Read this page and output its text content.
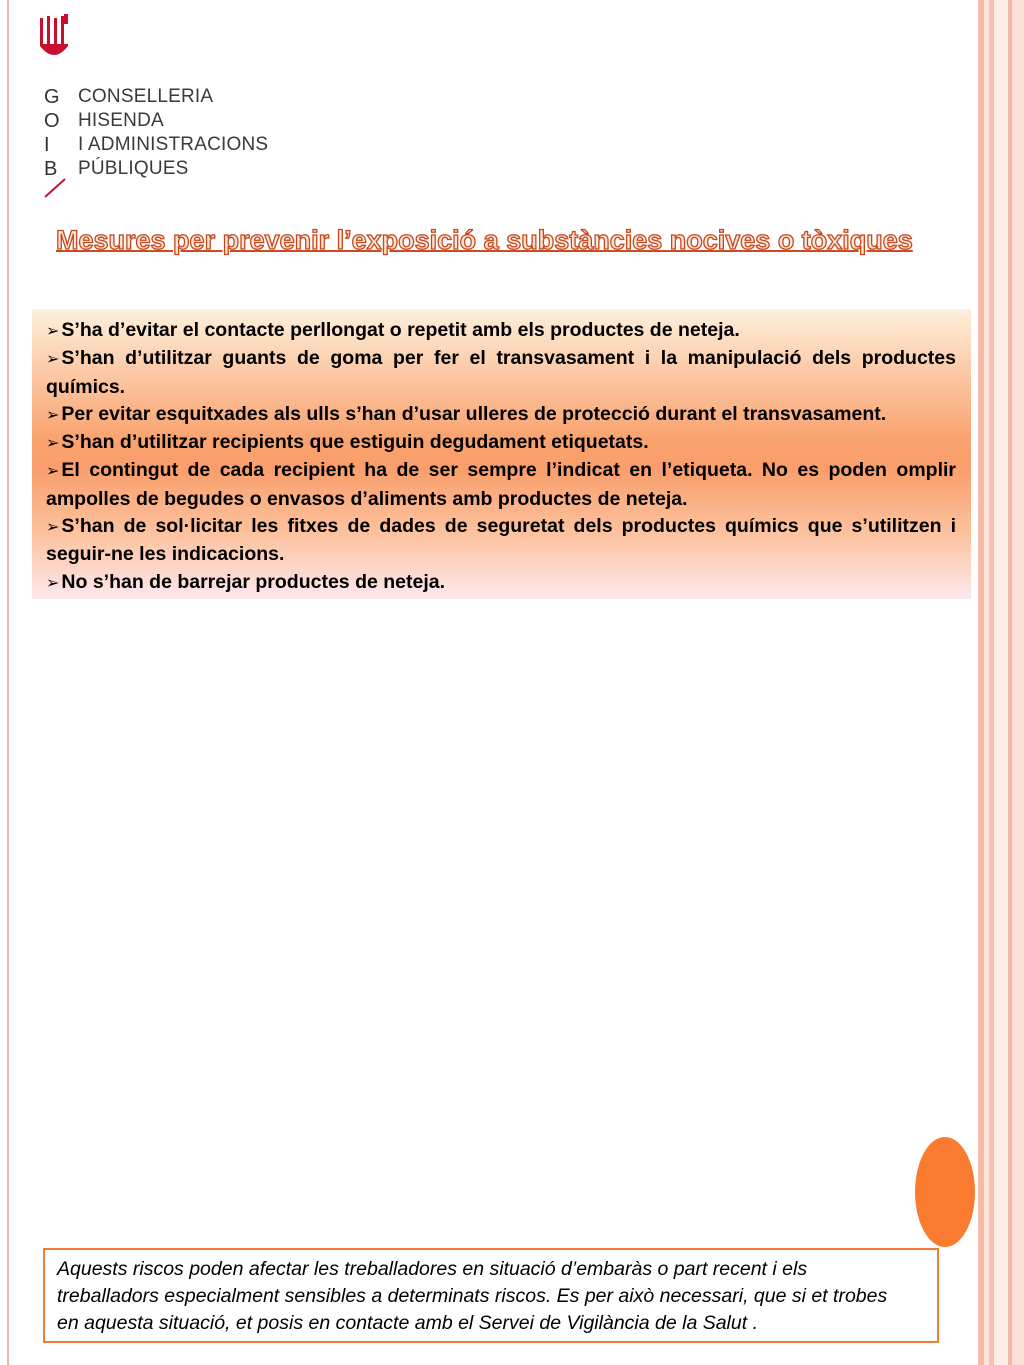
G
O
I
B
CONSELLERIA
HISENDA
I ADMINISTRACIONS
PÚBLIQUES
Mesures per prevenir l’exposició a substàncies nocives o tòxiques
➢ S’ha d’evitar el contacte perllongat o repetit amb els productes de neteja.
➢ S’han d’utilitzar guants de goma per fer el transvasament i la manipulació dels productes químics.
➢ Per evitar esquitxades als ulls s’han d’usar ulleres de protecció durant el transvasament.
➢ S’han d’utilitzar recipients que estiguin degudament etiquetats.
➢ El contingut de cada recipient ha de ser sempre l’indicat en l’etiqueta. No es poden omplir ampolles de begudes o envasos d’aliments amb productes de neteja.
➢ S’han de sol·licitar les fitxes de dades de seguretat dels productes químics que s’utilitzen i seguir-ne les indicacions.
➢ No s’han de barrejar productes de neteja.
Aquests riscos poden afectar les treballadores en situació d’embaràs o part recent i els treballadors especialment sensibles a determinats riscos. Es per això necessari, que si et trobes en aquesta situació, et posis en contacte amb el Servei de Vigilància de la Salut .
